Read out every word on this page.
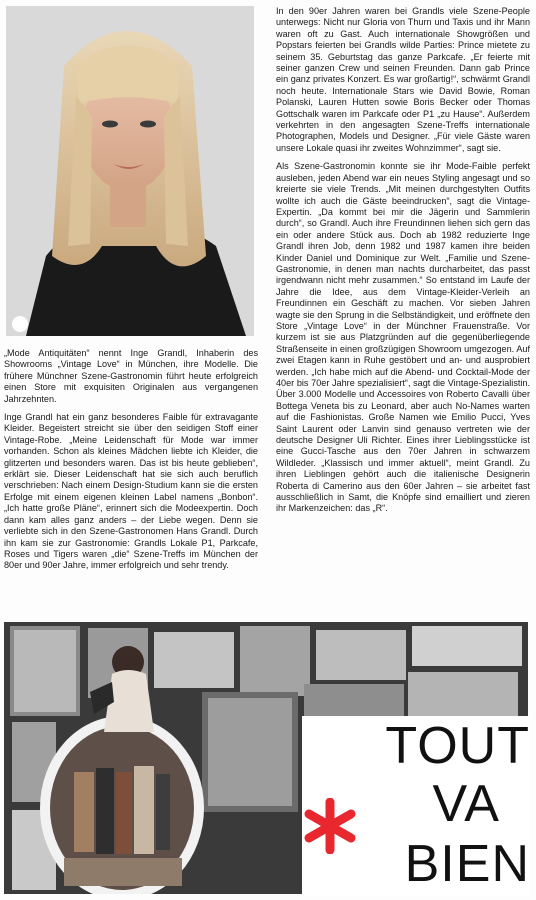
„Mode Antiquitäten“ nennt Inge Grandl, Inhaberin des Showrooms „Vintage Love“ in München, ihre Modelle. Die frühere Münchner Szene-Gastronomin führt heute erfolgreich einen Store mit exquisiten Originalen aus vergangenen Jahrzehnten.

Inge Grandl hat ein ganz besonderes Faible für extravagante Kleider. Begeistert streicht sie über den seidigen Stoff einer Vintage-Robe. „Meine Leidenschaft für Mode war immer vorhanden. Schon als kleines Mädchen liebte ich Kleider, die glitzerten und besonders waren. Das ist bis heute geblieben“, erklärt sie. Dieser Leidenschaft hat sie sich auch beruflich verschrieben: Nach einem Design-Studium kann sie die ersten Erfolge mit einem eigenen kleinen Label namens „Bonbon“. „Ich hatte große Pläne“, erinnert sich die Modeexpertin. Doch dann kam alles ganz anders – der Liebe wegen. Denn sie verliebte sich in den Szene-Gastronomen Hans Grandl. Durch ihn kam sie zur Gastronomie: Grandls Lokale P1, Parkcafe, Roses und Tigers waren „die“ Szene-Treffs im München der 80er und 90er Jahre, immer erfolgreich und sehr trendy.

In den 90er Jahren waren bei Grandls viele Szene-People unterwegs: Nicht nur Gloria von Thurn und Taxis und ihr Mann waren oft zu Gast. Auch internationale Showgrößen und Popstars feierten bei Grandls wilde Parties: Prince mietete zu seinem 35. Geburtstag das ganze Parkcafe. „Er feierte mit seiner ganzen Crew und seinen Freunden. Dann gab Prince ein ganz privates Konzert. Es war großartig!“, schwärmt Grandl noch heute. Internationale Stars wie David Bowie, Roman Polanski, Lauren Hutten sowie Boris Becker oder Thomas Gottschalk waren im Parkcafe oder P1 „zu Hause“. Außerdem verkehrten in den angesagten Szene-Treffs internationale Photographen, Models und Designer. „Für viele Gäste waren unsere Lokale quasi ihr zweites Wohnzimmer“, sagt sie.

Als Szene-Gastronomin konnte sie ihr Mode-Faible perfekt ausleben, jeden Abend war ein neues Styling angesagt und so kreierte sie viele Trends. „Mit meinen durchgestylten Outfits wollte ich auch die Gäste beeindrucken“, sagt die Vintage-Expertin. „Da kommt bei mir die Jägerin und Sammlerin durch“, so Grandl. Auch ihre Freundinnen liehen sich gern das ein oder andere Stück aus. Doch ab 1982 reduzierte Inge Grandl ihren Job, denn 1982 und 1987 kamen ihre beiden Kinder Daniel und Dominique zur Welt. „Familie und Szene-Gastronomie, in denen man nachts durcharbeitet, das passt irgendwann nicht mehr zusammen.“ So entstand im Laufe der Jahre die Idee, aus dem Vintage-Kleider-Verleih an Freundinnen ein Geschäft zu machen. Vor sieben Jahren wagte sie den Sprung in die Selbständigkeit, und eröffnete den Store „Vintage Love“ in der Münchner Frauenstraße. Vor kurzem ist sie aus Platzgründen auf die gegenüberliegende Straßenseite in einen großzügigen Showroom umgezogen. Auf zwei Etagen kann in Ruhe gestöbert und an- und ausprobiert werden. „Ich habe mich auf die Abend- und Cocktail-Mode der 40er bis 70er Jahre spezialisiert“, sagt die Vintage-Spezialistin. Über 3.000 Modelle und Accessoires von Roberto Cavalli über Bottega Veneta bis zu Leonard, aber auch No-Names warten auf die Fashionistas. Große Namen wie Emilio Pucci, Yves Saint Laurent oder Lanvin sind genauso vertreten wie der deutsche Designer Uli Richter. Eines ihrer Lieblingsstücke ist eine Gucci-Tasche aus den 70er Jahren in schwarzem Wildleder. „Klassisch und immer aktuell“, meint Grandl. Zu ihren Lieblingen gehört auch die italienische Designerin Roberta di Camerino aus den 60er Jahren – sie arbeitet fast ausschließlich in Samt, die Knöpfe sind emailliert und zieren ihr Markenzeichen: das „R“.

TOUT
VA
BIEN
